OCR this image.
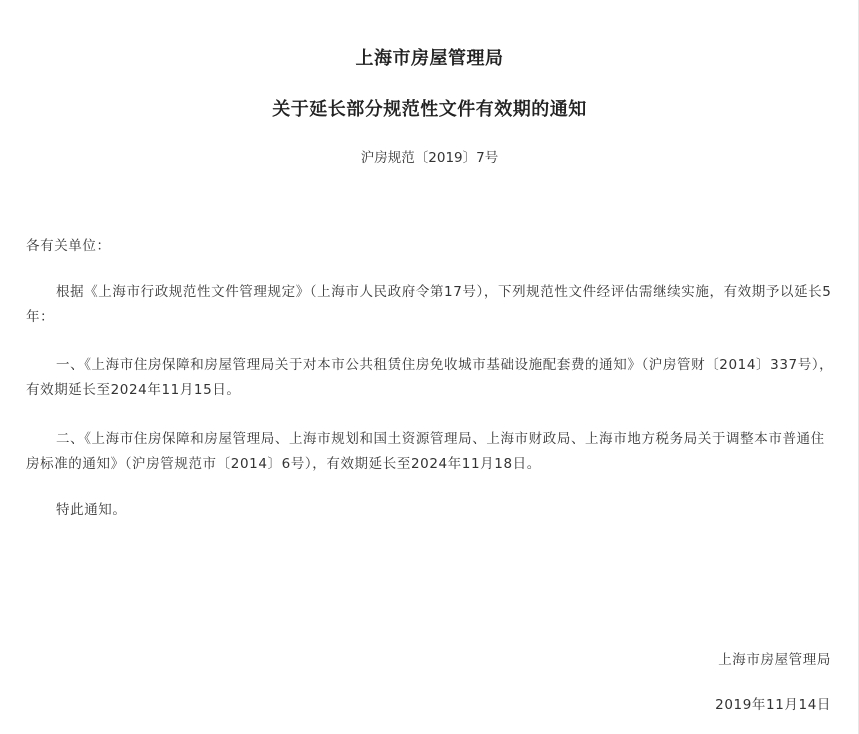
上海市房屋管理局
关于延长部分规范性文件有效期的通知
沪房规范〔2019〕7号

各有关单位：

根据《上海市行政规范性文件管理规定》（上海市人民政府令第17号），下列规范性文件经评估需继续实施，有效期予以延长5年：

一、《上海市住房保障和房屋管理局关于对本市公共租赁住房免收城市基础设施配套费的通知》（沪房管财〔2014〕337号），有效期延长至2024年11月15日。

二、《上海市住房保障和房屋管理局、上海市规划和国土资源管理局、上海市财政局、上海市地方税务局关于调整本市普通住房标准的通知》（沪房管规范市〔2014〕6号），有效期延长至2024年11月18日。

特此通知。

上海市房屋管理局
2019年11月14日
